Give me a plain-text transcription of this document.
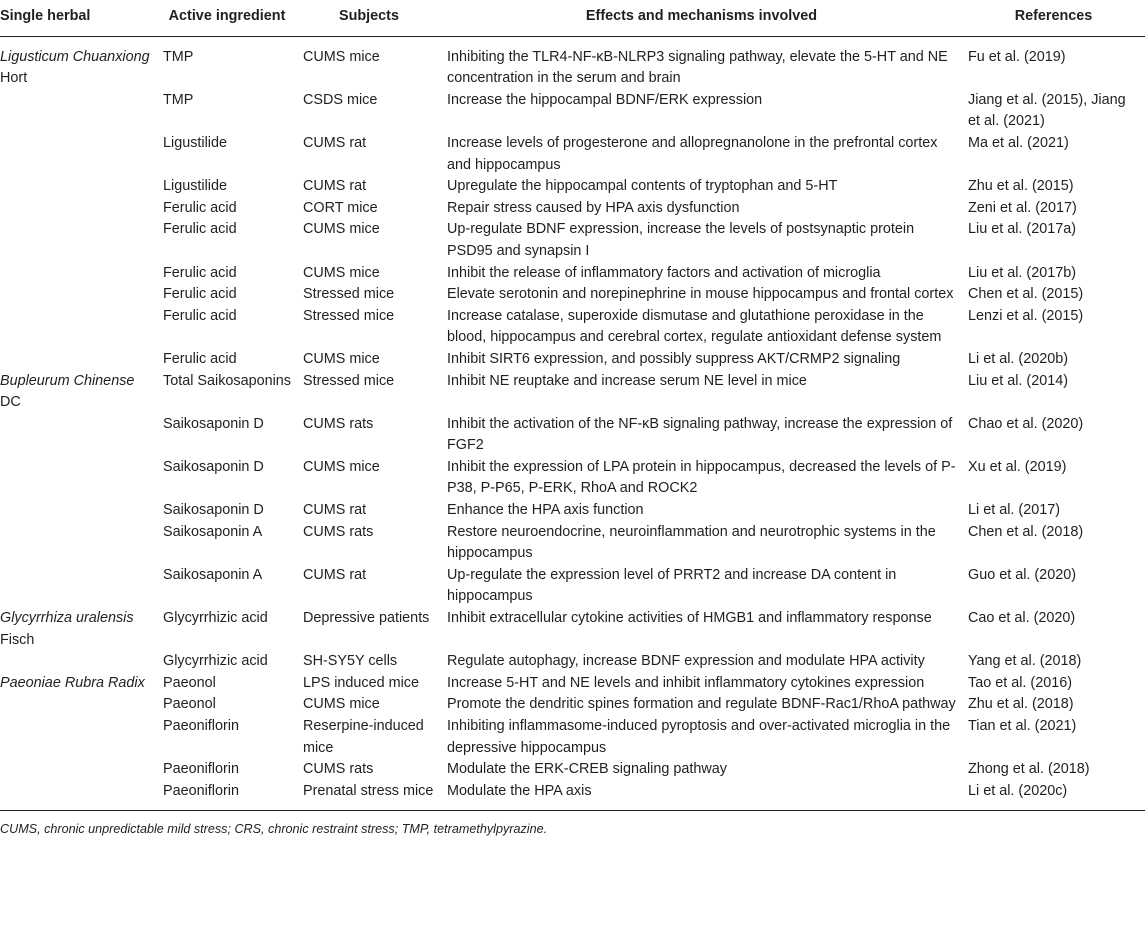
Single herbal	Active ingredient	Subjects	Effects and mechanisms involved	References
Ligusticum Chuanxiong Hort	TMP	CUMS mice	Inhibiting the TLR4-NF-κB-NLRP3 signaling pathway, elevate the 5-HT and NE concentration in the serum and brain	Fu et al. (2019)
	TMP	CSDS mice	Increase the hippocampal BDNF/ERK expression	Jiang et al. (2015), Jiang et al. (2021)
	Ligustilide	CUMS rat	Increase levels of progesterone and allopregnanolone in the prefrontal cortex and hippocampus	Ma et al. (2021)
	Ligustilide	CUMS rat	Upregulate the hippocampal contents of tryptophan and 5-HT	Zhu et al. (2015)
	Ferulic acid	CORT mice	Repair stress caused by HPA axis dysfunction	Zeni et al. (2017)
	Ferulic acid	CUMS mice	Up-regulate BDNF expression, increase the levels of postsynaptic protein PSD95 and synapsin I	Liu et al. (2017a)
	Ferulic acid	CUMS mice	Inhibit the release of inflammatory factors and activation of microglia	Liu et al. (2017b)
	Ferulic acid	Stressed mice	Elevate serotonin and norepinephrine in mouse hippocampus and frontal cortex	Chen et al. (2015)
	Ferulic acid	Stressed mice	Increase catalase, superoxide dismutase and glutathione peroxidase in the blood, hippocampus and cerebral cortex, regulate antioxidant defense system	Lenzi et al. (2015)
	Ferulic acid	CUMS mice	Inhibit SIRT6 expression, and possibly suppress AKT/CRMP2 signaling	Li et al. (2020b)
Bupleurum Chinense DC	Total Saikosaponins	Stressed mice	Inhibit NE reuptake and increase serum NE level in mice	Liu et al. (2014)
	Saikosaponin D	CUMS rats	Inhibit the activation of the NF-κB signaling pathway, increase the expression of FGF2	Chao et al. (2020)
	Saikosaponin D	CUMS mice	Inhibit the expression of LPA protein in hippocampus, decreased the levels of P-P38, P-P65, P-ERK, RhoA and ROCK2	Xu et al. (2019)
	Saikosaponin D	CUMS rat	Enhance the HPA axis function	Li et al. (2017)
	Saikosaponin A	CUMS rats	Restore neuroendocrine, neuroinflammation and neurotrophic systems in the hippocampus	Chen et al. (2018)
	Saikosaponin A	CUMS rat	Up-regulate the expression level of PRRT2 and increase DA content in hippocampus	Guo et al. (2020)
Glycyrrhiza uralensis Fisch	Glycyrrhizic acid	Depressive patients	Inhibit extracellular cytokine activities of HMGB1 and inflammatory response	Cao et al. (2020)
	Glycyrrhizic acid	SH-SY5Y cells	Regulate autophagy, increase BDNF expression and modulate HPA activity	Yang et al. (2018)
Paeoniae Rubra Radix	Paeonol	LPS induced mice	Increase 5-HT and NE levels and inhibit inflammatory cytokines expression	Tao et al. (2016)
	Paeonol	CUMS mice	Promote the dendritic spines formation and regulate BDNF-Rac1/RhoA pathway	Zhu et al. (2018)
	Paeoniflorin	Reserpine-induced mice	Inhibiting inflammasome-induced pyroptosis and over-activated microglia in the depressive hippocampus	Tian et al. (2021)
	Paeoniflorin	CUMS rats	Modulate the ERK-CREB signaling pathway	Zhong et al. (2018)
	Paeoniflorin	Prenatal stress mice	Modulate the HPA axis	Li et al. (2020c)
CUMS, chronic unpredictable mild stress; CRS, chronic restraint stress; TMP, tetramethylpyrazine.
